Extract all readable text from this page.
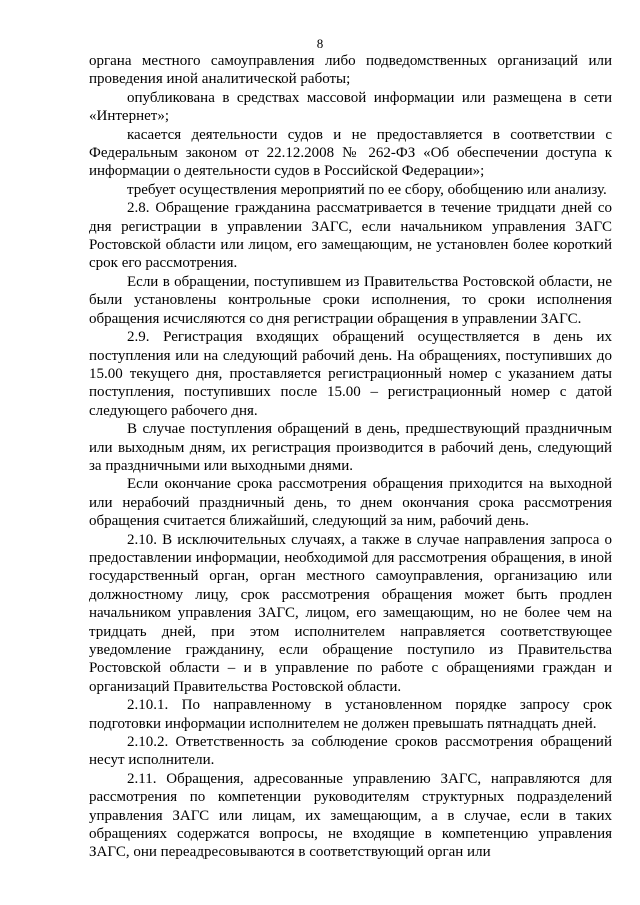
8

органа местного самоуправления либо подведомственных организаций или проведения иной аналитической работы;

опубликована в средствах массовой информации или размещена в сети «Интернет»;

касается деятельности судов и не предоставляется в соответствии с Федеральным законом от 22.12.2008 № 262-ФЗ «Об обеспечении доступа к информации о деятельности судов в Российской Федерации»;

требует осуществления мероприятий по ее сбору, обобщению или анализу.

2.8. Обращение гражданина рассматривается в течение тридцати дней со дня регистрации в управлении ЗАГС, если начальником управления ЗАГС Ростовской области или лицом, его замещающим, не установлен более короткий срок его рассмотрения.

Если в обращении, поступившем из Правительства Ростовской области, не были установлены контрольные сроки исполнения, то сроки исполнения обращения исчисляются со дня регистрации обращения в управлении ЗАГС.

2.9. Регистрация входящих обращений осуществляется в день их поступления или на следующий рабочий день. На обращениях, поступивших до 15.00 текущего дня, проставляется регистрационный номер с указанием даты поступления, поступивших после 15.00 – регистрационный номер с датой следующего рабочего дня.

В случае поступления обращений в день, предшествующий праздничным или выходным дням, их регистрация производится в рабочий день, следующий за праздничными или выходными днями.

Если окончание срока рассмотрения обращения приходится на выходной или нерабочий праздничный день, то днем окончания срока рассмотрения обращения считается ближайший, следующий за ним, рабочий день.

2.10. В исключительных случаях, а также в случае направления запроса о предоставлении информации, необходимой для рассмотрения обращения, в иной государственный орган, орган местного самоуправления, организацию или должностному лицу, срок рассмотрения обращения может быть продлен начальником управления ЗАГС, лицом, его замещающим, но не более чем на тридцать дней, при этом исполнителем направляется соответствующее уведомление гражданину, если обращение поступило из Правительства Ростовской области – и в управление по работе с обращениями граждан и организаций Правительства Ростовской области.

2.10.1. По направленному в установленном порядке запросу срок подготовки информации исполнителем не должен превышать пятнадцать дней.

2.10.2. Ответственность за соблюдение сроков рассмотрения обращений несут исполнители.

2.11. Обращения, адресованные управлению ЗАГС, направляются для рассмотрения по компетенции руководителям структурных подразделений управления ЗАГС или лицам, их замещающим, а в случае, если в таких обращениях содержатся вопросы, не входящие в компетенцию управления ЗАГС, они переадресовываются в соответствующий орган или
